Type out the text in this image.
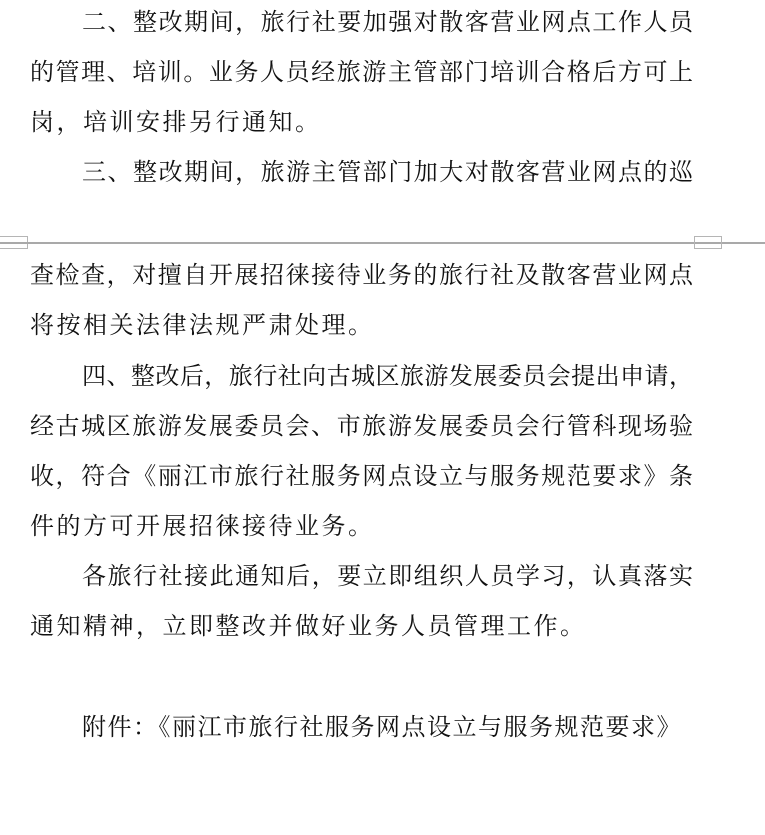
二、整改期间，旅行社要加强对散客营业网点工作人员
的管理、培训。业务人员经旅游主管部门培训合格后方可上
岗，培训安排另行通知。
三、整改期间，旅游主管部门加大对散客营业网点的巡
查检查，对擅自开展招徕接待业务的旅行社及散客营业网点
将按相关法律法规严肃处理。
四、整改后，旅行社向古城区旅游发展委员会提出申请，
经古城区旅游发展委员会、市旅游发展委员会行管科现场验
收，符合《丽江市旅行社服务网点设立与服务规范要求》条
件的方可开展招徕接待业务。
各旅行社接此通知后，要立即组织人员学习，认真落实
通知精神，立即整改并做好业务人员管理工作。
附件：《丽江市旅行社服务网点设立与服务规范要求》
